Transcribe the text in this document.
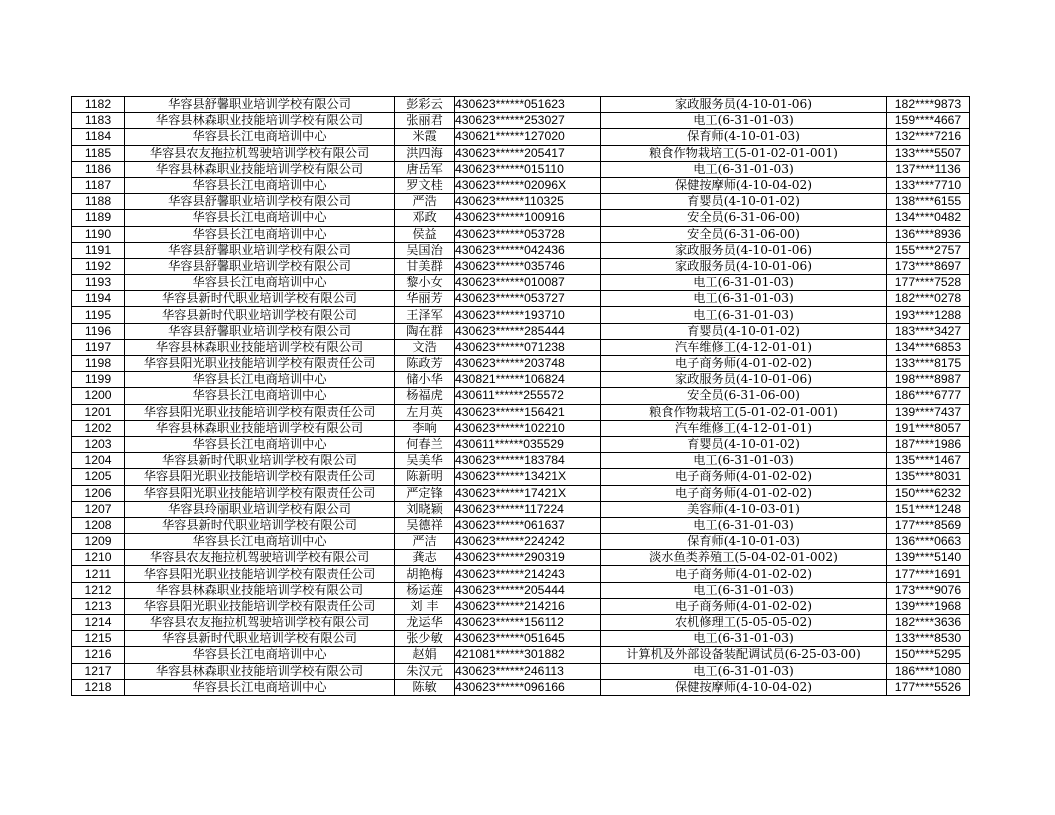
1182	华容县舒馨职业培训学校有限公司	彭彩云	430623******051623	家政服务员(4-10-01-06)	182****9873
1183	华容县林森职业技能培训学校有限公司	张丽君	430623******253027	电工(6-31-01-03)	159****4667
1184	华容县长江电商培训中心	米霞	430621******127020	保育师(4-10-01-03)	132****7216
1185	华容县农友拖拉机驾驶培训学校有限公司	洪四海	430623******205417	粮食作物栽培工(5-01-02-01-001)	133****5507
1186	华容县林森职业技能培训学校有限公司	唐岳军	430623******015110	电工(6-31-01-03)	137****1136
1187	华容县长江电商培训中心	罗文桂	430623******02096X	保健按摩师(4-10-04-02)	133****7710
1188	华容县舒馨职业培训学校有限公司	严浩	430623******110325	育婴员(4-10-01-02)	138****6155
1189	华容县长江电商培训中心	邓政	430623******100916	安全员(6-31-06-00)	134****0482
1190	华容县长江电商培训中心	侯益	430623******053728	安全员(6-31-06-00)	136****8936
1191	华容县舒馨职业培训学校有限公司	吴国治	430623******042436	家政服务员(4-10-01-06)	155****2757
1192	华容县舒馨职业培训学校有限公司	甘美群	430623******035746	家政服务员(4-10-01-06)	173****8697
1193	华容县长江电商培训中心	黎小女	430623******010087	电工(6-31-01-03)	177****7528
1194	华容县新时代职业培训学校有限公司	华丽芳	430623******053727	电工(6-31-01-03)	182****0278
1195	华容县新时代职业培训学校有限公司	王泽军	430623******193710	电工(6-31-01-03)	193****1288
1196	华容县舒馨职业培训学校有限公司	陶在群	430623******285444	育婴员(4-10-01-02)	183****3427
1197	华容县林森职业技能培训学校有限公司	文浩	430623******071238	汽车维修工(4-12-01-01)	134****6853
1198	华容县阳光职业技能培训学校有限责任公司	陈政芳	430623******203748	电子商务师(4-01-02-02)	133****8175
1199	华容县长江电商培训中心	储小华	430821******106824	家政服务员(4-10-01-06)	198****8987
1200	华容县长江电商培训中心	杨福虎	430611******255572	安全员(6-31-06-00)	186****6777
1201	华容县阳光职业技能培训学校有限责任公司	左月英	430623******156421	粮食作物栽培工(5-01-02-01-001)	139****7437
1202	华容县林森职业技能培训学校有限公司	李响	430623******102210	汽车维修工(4-12-01-01)	191****8057
1203	华容县长江电商培训中心	何春兰	430611******035529	育婴员(4-10-01-02)	187****1986
1204	华容县新时代职业培训学校有限公司	吴美华	430623******183784	电工(6-31-01-03)	135****1467
1205	华容县阳光职业技能培训学校有限责任公司	陈新明	430623******13421X	电子商务师(4-01-02-02)	135****8031
1206	华容县阳光职业技能培训学校有限责任公司	严定锋	430623******17421X	电子商务师(4-01-02-02)	150****6232
1207	华容县玲丽职业培训学校有限公司	刘晓颖	430623******117224	美容师(4-10-03-01)	151****1248
1208	华容县新时代职业培训学校有限公司	吴德祥	430623******061637	电工(6-31-01-03)	177****8569
1209	华容县长江电商培训中心	严洁	430623******224242	保育师(4-10-01-03)	136****0663
1210	华容县农友拖拉机驾驶培训学校有限公司	龚志	430623******290319	淡水鱼类养殖工(5-04-02-01-002)	139****5140
1211	华容县阳光职业技能培训学校有限责任公司	胡艳梅	430623******214243	电子商务师(4-01-02-02)	177****1691
1212	华容县林森职业技能培训学校有限公司	杨运莲	430623******205444	电工(6-31-01-03)	173****9076
1213	华容县阳光职业技能培训学校有限责任公司	刘 丰	430623******214216	电子商务师(4-01-02-02)	139****1968
1214	华容县农友拖拉机驾驶培训学校有限公司	龙运华	430623******156112	农机修理工(5-05-05-02)	182****3636
1215	华容县新时代职业培训学校有限公司	张少敏	430623******051645	电工(6-31-01-03)	133****8530
1216	华容县长江电商培训中心	赵娟	421081******301882	计算机及外部设备装配调试员(6-25-03-00)	150****5295
1217	华容县林森职业技能培训学校有限公司	朱汉元	430623******246113	电工(6-31-01-03)	186****1080
1218	华容县长江电商培训中心	陈敏	430623******096166	保健按摩师(4-10-04-02)	177****5526
